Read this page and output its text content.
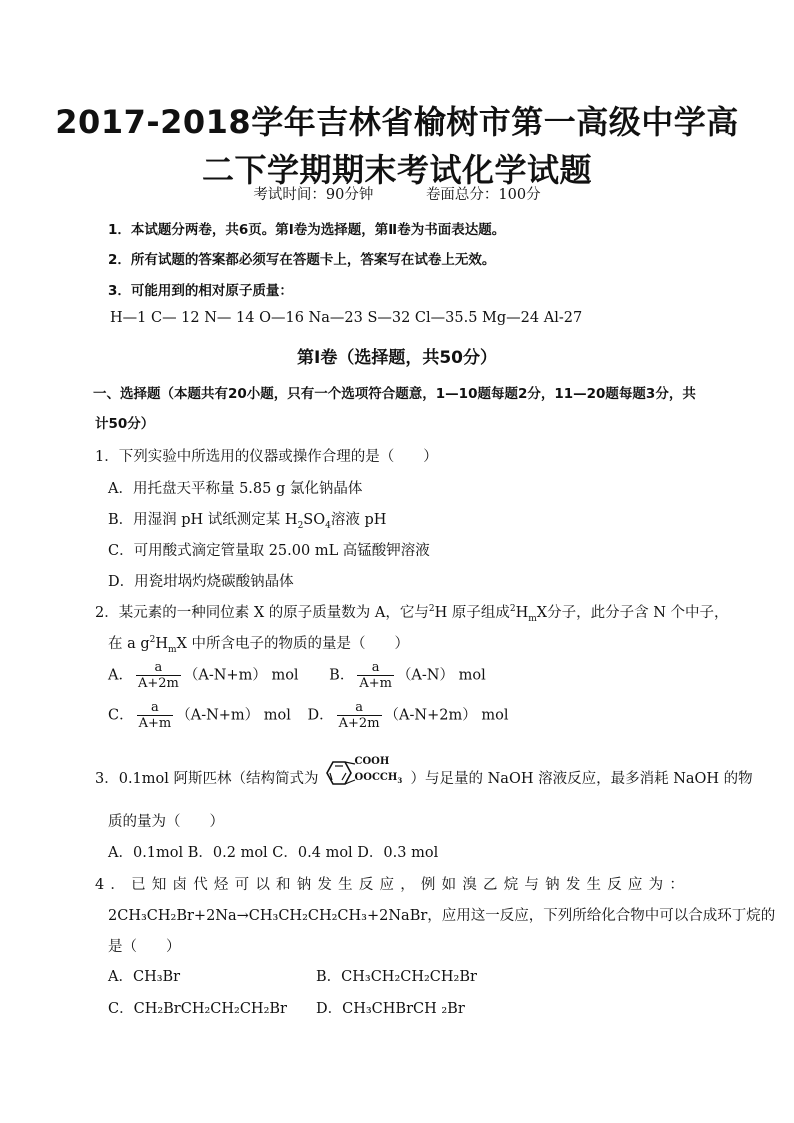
2017-2018学年吉林省榆树市第一高级中学高
二下学期期末考试化学试题
考试时间：90分钟	卷面总分：100分
1．本试题分两卷，共6页。第Ⅰ卷为选择题，第Ⅱ卷为书面表达题。
2．所有试题的答案都必须写在答题卡上，答案写在试卷上无效。
3．可能用到的相对原子质量：
H—1 C— 12 N— 14 O—16 Na—23 S—32 Cl—35.5 Mg—24 Al-27
第Ⅰ卷（选择题，共50分）
一、选择题（本题共有20小题，只有一个选项符合题意，1—10题每题2分，11—20题每题3分，共
计50分）
1．下列实验中所选用的仪器或操作合理的是（　　）
A．用托盘天平称量 5.85 g 氯化钠晶体
B．用湿润 pH 试纸测定某 $H_2SO_4$溶液 pH
C．可用酸式滴定管量取 25.00 mL 高锰酸钾溶液
D．用瓷坩埚灼烧碳酸钠晶体
2．某元素的一种同位素 X 的原子质量数为 A，它与$^2$H 原子组成$^2H_mX$分子，此分子含 N 个中子，
在 a $g^2H_mX$ 中所含电子的物质的量是（　　）
A． $\frac{a}{A+2m} (A-N+m)$ mol B． $\frac{a}{A+m} (A-N)$ mol
C． $\frac{a}{A+m} (A-N+m)$ mol D． $\frac{a}{A+2m} (A-N+2m)$ mol
3．0.1mol 阿斯匹林（结构简式为
COOH
$OOCCH_3$ ）与足量的 NaOH 溶液反应，最多消耗 NaOH 的物
质的量为（　　）
A．0.1mol B．0.2 mol C．0.4 mol D．0.3 mol
4．已知卤代烃可以和钠发生反应，例如溴乙烷与钠发生反应为：
2CH₃CH₂Br+2Na→CH₃CH₂CH₂CH₃+2NaBr，应用这一反应，下列所给化合物中可以合成环丁烷的
是（　　）
A．CH₃Br	B．CH₃CH₂CH₂CH₂Br
C．CH₂BrCH₂CH₂CH₂Br D．CH₃CHBrCH ₂Br
